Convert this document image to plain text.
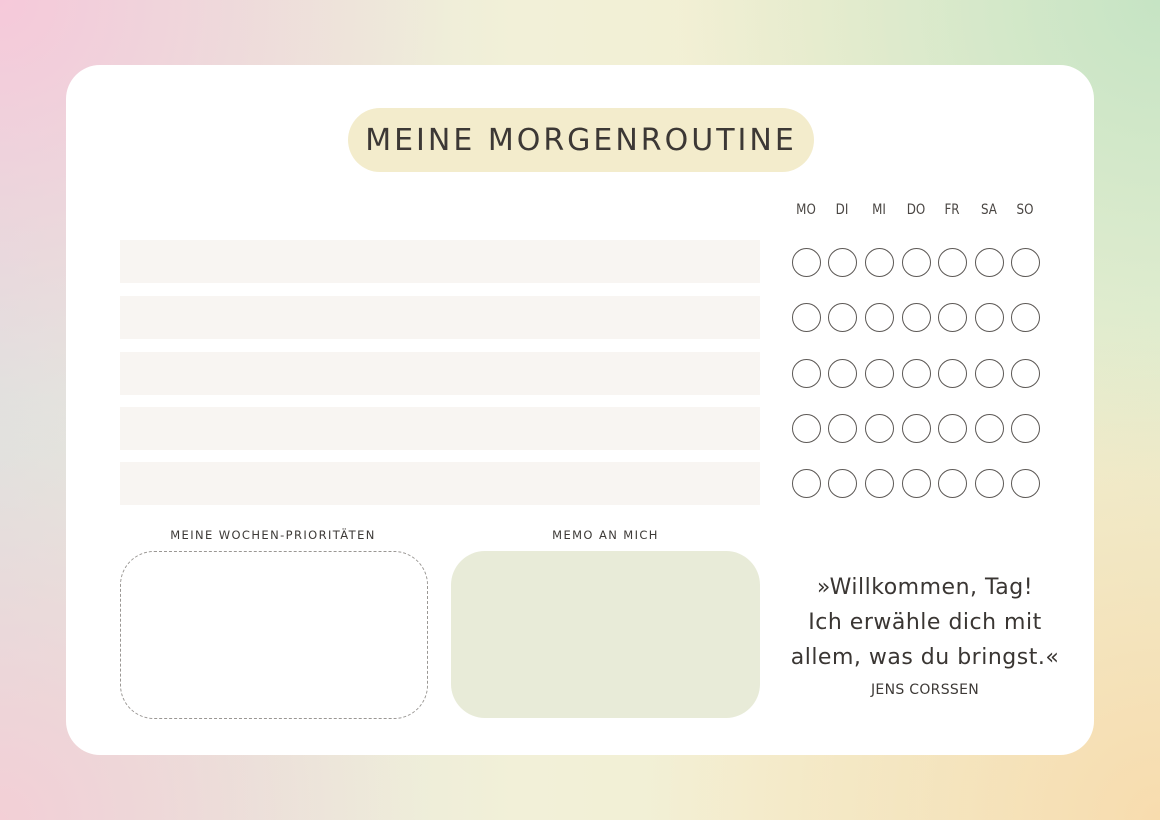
MEINE MORGENROUTINE
MO	DI	MI	DO	FR	SA	SO
MEINE WOCHEN-PRIORITÄTEN	MEMO AN MICH
»Willkommen, Tag!
Ich erwähle dich mit
allem, was du bringst.«
JENS CORSSEN
